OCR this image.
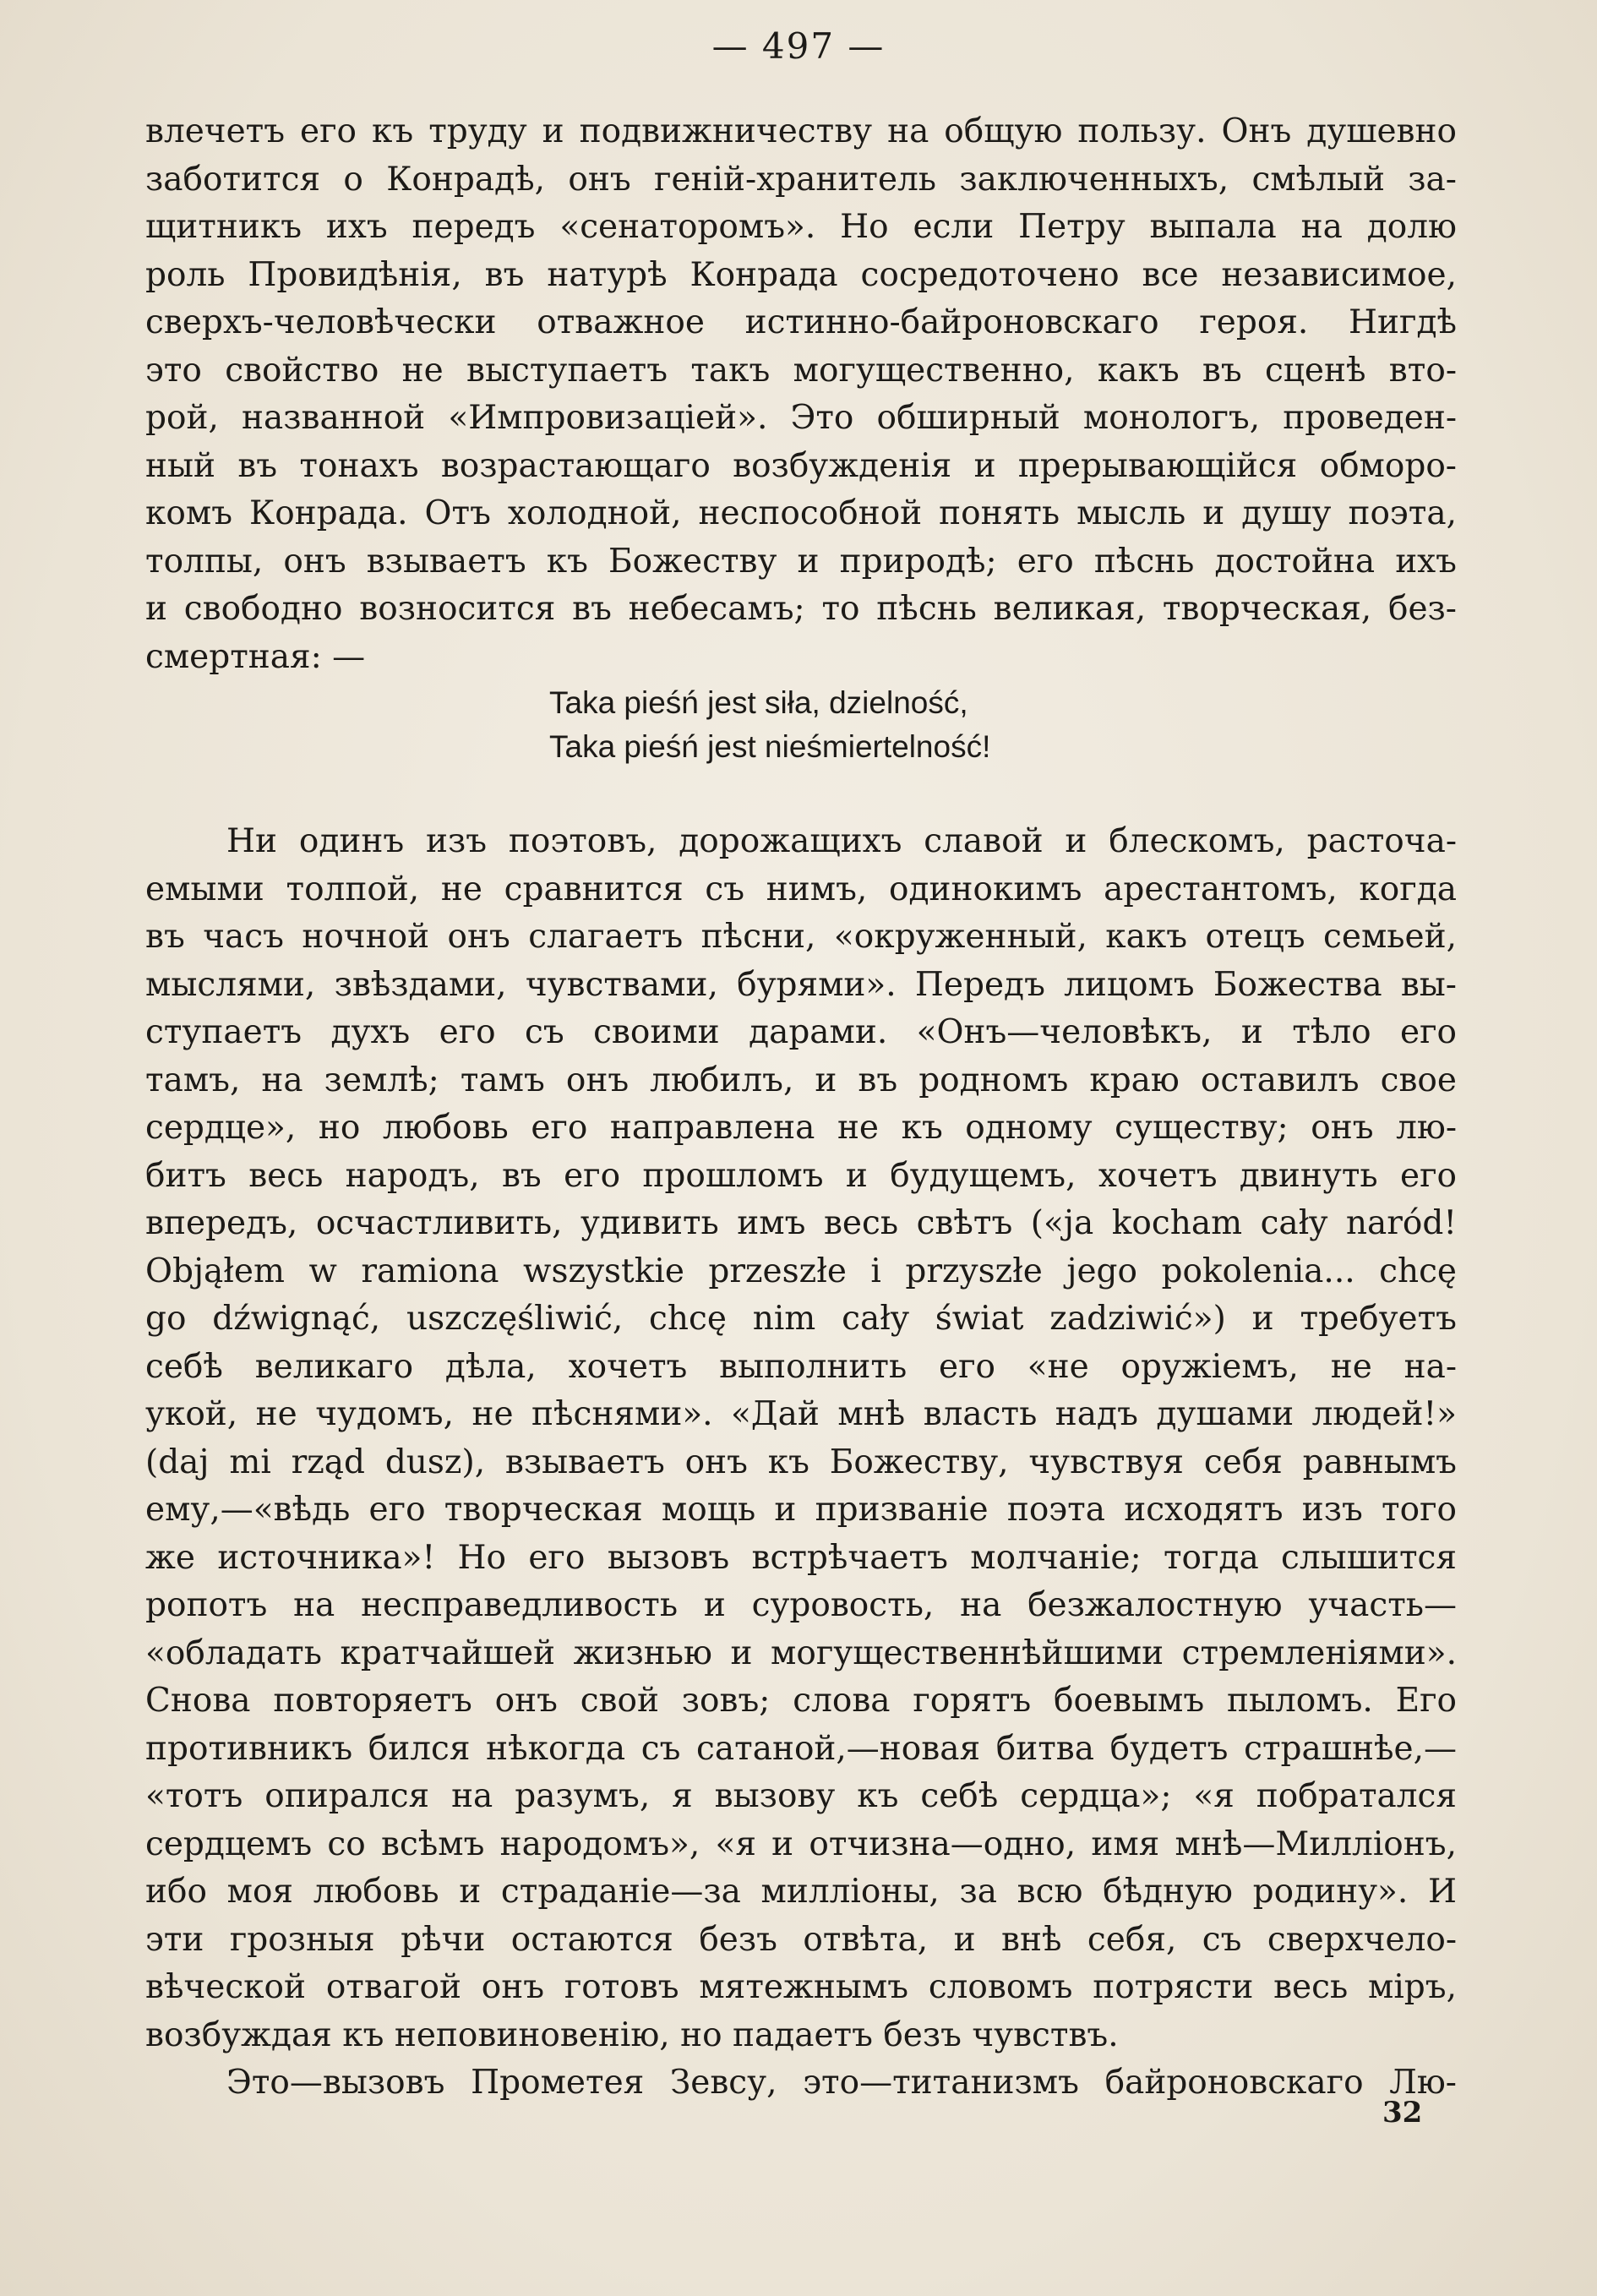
— 497 —

влечетъ его къ труду и подвижничеству на общую пользу. Онъ душевно

заботится о Конрадѣ, онъ геній-хранитель заключенныхъ, смѣлый за-

щитникъ ихъ передъ «сенаторомъ». Но если Петру выпала на долю

роль Провидѣнія, въ натурѣ Конрада сосредоточено все независимое,

сверхъ-человѣчески отважное истинно-байроновскаго героя. Нигдѣ

это свойство не выступаетъ такъ могущественно, какъ въ сценѣ вто-

рой, названной «Импровизаціей». Это обширный монологъ, проведен-

ный въ тонахъ возрастающаго возбужденія и прерывающійся обморо-

комъ Конрада. Отъ холодной, неспособной понять мысль и душу поэта,

толпы, онъ взываетъ къ Божеству и природѣ; его пѣснь достойна ихъ

и свободно возносится въ небесамъ; то пѣснь великая, творческая, без-

смертная: —

Taka pieśń jest siła, dzielność,
Taka pieśń jest nieśmiertelność!

Ни одинъ изъ поэтовъ, дорожащихъ славой и блескомъ, расточа-

емыми толпой, не сравнится съ нимъ, одинокимъ арестантомъ, когда

въ часъ ночной онъ слагаетъ пѣсни, «окруженный, какъ отецъ семьей,

мыслями, звѣздами, чувствами, бурями». Передъ лицомъ Божества вы-

ступаетъ духъ его съ своими дарами. «Онъ—человѣкъ, и тѣло его

тамъ, на землѣ; тамъ онъ любилъ, и въ родномъ краю оставилъ свое

сердце», но любовь его направлена не къ одному существу; онъ лю-

битъ весь народъ, въ его прошломъ и будущемъ, хочетъ двинуть его

впередъ, осчастливить, удивить имъ весь свѣтъ («ja kocham cały naród!

Objąłem w ramiona wszystkie przeszłe i przyszłe jego pokolenia... chcę

go dźwignąć, uszczęśliwić, chcę nim cały świat zadziwić») и требуетъ

себѣ великаго дѣла, хочетъ выполнить его «не оружіемъ, не на-

укой, не чудомъ, не пѣснями». «Дай мнѣ власть надъ душами людей!»

(daj mi rząd dusz), взываетъ онъ къ Божеству, чувствуя себя равнымъ

ему,—«вѣдь его творческая мощь и призваніе поэта исходятъ изъ того

же источника»! Но его вызовъ встрѣчаетъ молчаніе; тогда слышится

ропотъ на несправедливость и суровость, на безжалостную участь—

«обладать кратчайшей жизнью и могущественнѣйшими стремленіями».

Снова повторяетъ онъ свой зовъ; слова горятъ боевымъ пыломъ. Его

противникъ бился нѣкогда съ сатаной,—новая битва будетъ страшнѣе,—

«тотъ опирался на разумъ, я вызову къ себѣ сердца»; «я побратался

сердцемъ со всѣмъ народомъ», «я и отчизна—одно, имя мнѣ—Милліонъ,

ибо моя любовь и страданіе—за милліоны, за всю бѣдную родину». И

эти грозныя рѣчи остаются безъ отвѣта, и внѣ себя, съ сверхчело-

вѣческой отвагой онъ готовъ мятежнымъ словомъ потрясти весь міръ,

возбуждая къ неповиновенію, но падаетъ безъ чувствъ.

Это—вызовъ Прометея Зевсу, это—титанизмъ байроновскаго Лю-

32
